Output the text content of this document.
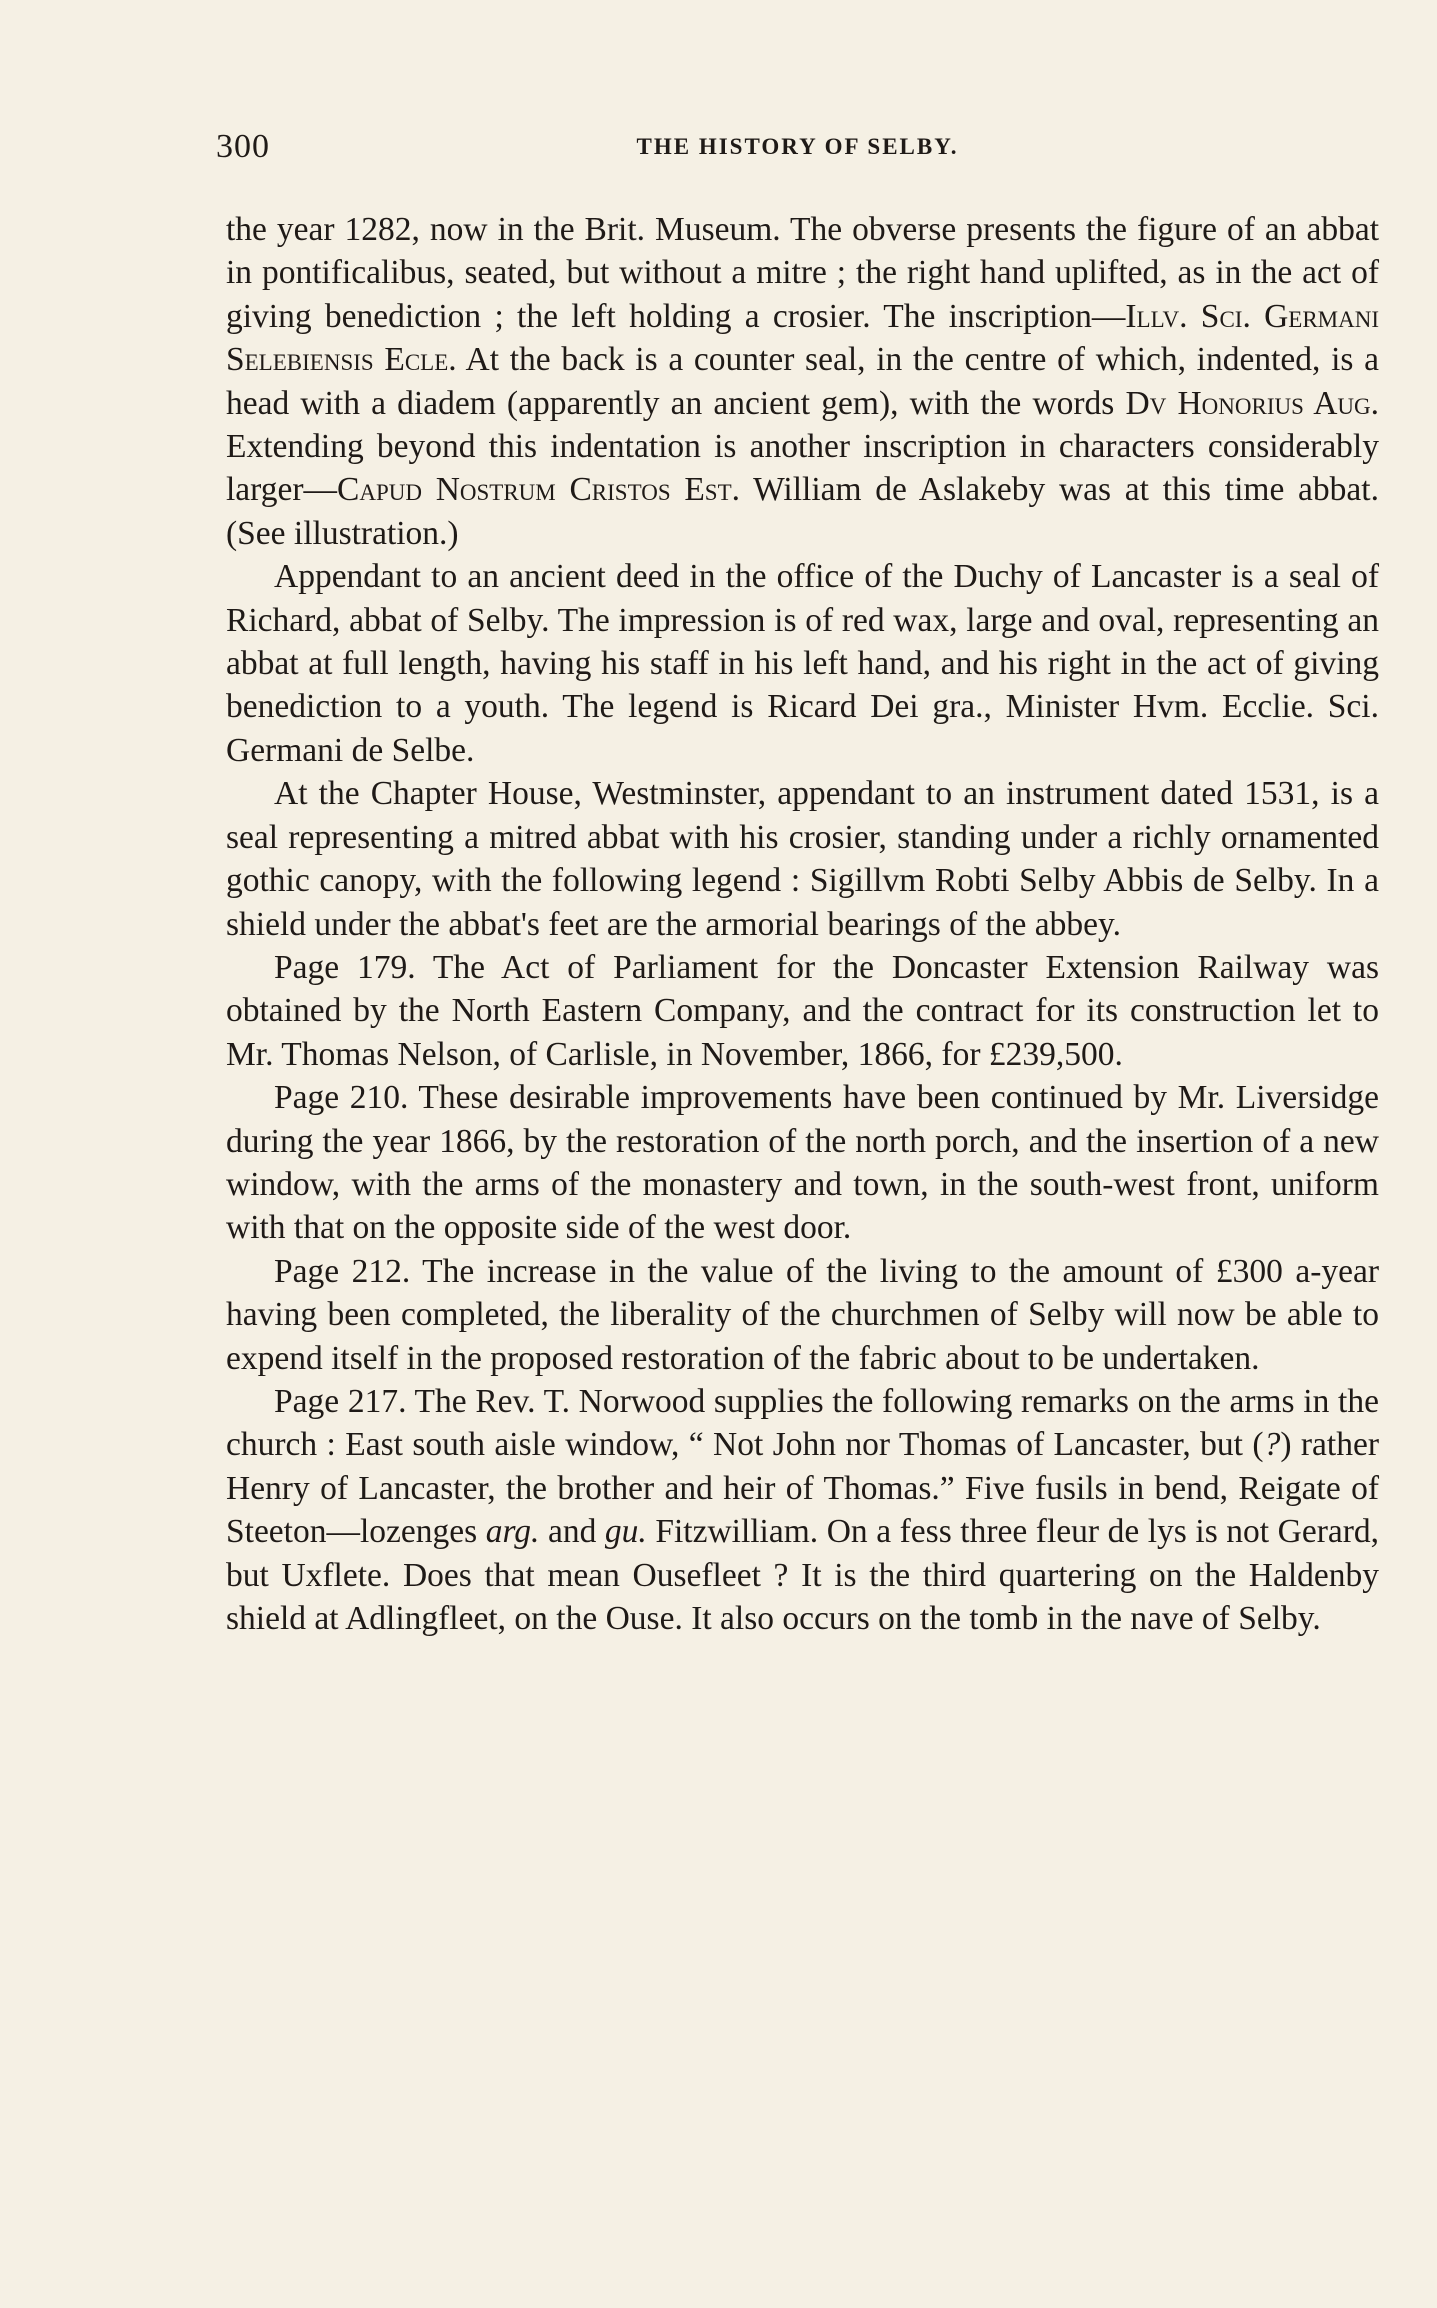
300	THE HISTORY OF SELBY.

the year 1282, now in the Brit. Museum. The obverse presents the figure of an abbat in pontificalibus, seated, but without a mitre ; the right hand uplifted, as in the act of giving benediction ; the left holding a crosier. The inscription—Illv. Sci. Germani Selebiensis Ecle. At the back is a counter seal, in the centre of which, indented, is a head with a diadem (apparently an ancient gem), with the words Dv Honorius Aug. Extending beyond this indentation is another inscription in characters considerably larger—Capud Nostrum Cristos Est. William de Aslakeby was at this time abbat. (See illustration.)

Appendant to an ancient deed in the office of the Duchy of Lancaster is a seal of Richard, abbat of Selby. The impression is of red wax, large and oval, representing an abbat at full length, having his staff in his left hand, and his right in the act of giving benediction to a youth. The legend is Ricard Dei gra., Minister Hvm. Ecclie. Sci. Germani de Selbe.

At the Chapter House, Westminster, appendant to an instrument dated 1531, is a seal representing a mitred abbat with his crosier, standing under a richly ornamented gothic canopy, with the following legend : Sigillvm Robti Selby Abbis de Selby. In a shield under the abbat's feet are the armorial bearings of the abbey.

Page 179. The Act of Parliament for the Doncaster Extension Railway was obtained by the North Eastern Company, and the contract for its construction let to Mr. Thomas Nelson, of Carlisle, in November, 1866, for £239,500.

Page 210. These desirable improvements have been continued by Mr. Liversidge during the year 1866, by the restoration of the north porch, and the insertion of a new window, with the arms of the monastery and town, in the south-west front, uniform with that on the opposite side of the west door.

Page 212. The increase in the value of the living to the amount of £300 a-year having been completed, the liberality of the churchmen of Selby will now be able to expend itself in the proposed restoration of the fabric about to be undertaken.

Page 217. The Rev. T. Norwood supplies the following remarks on the arms in the church : East south aisle window, “ Not John nor Thomas of Lancaster, but (?) rather Henry of Lancaster, the brother and heir of Thomas.” Five fusils in bend, Reigate of Steeton—lozenges arg. and gu. Fitzwilliam. On a fess three fleur de lys is not Gerard, but Uxflete. Does that mean Ousefleet ? It is the third quartering on the Haldenby shield at Adlingfleet, on the Ouse. It also occurs on the tomb in the nave of Selby.
